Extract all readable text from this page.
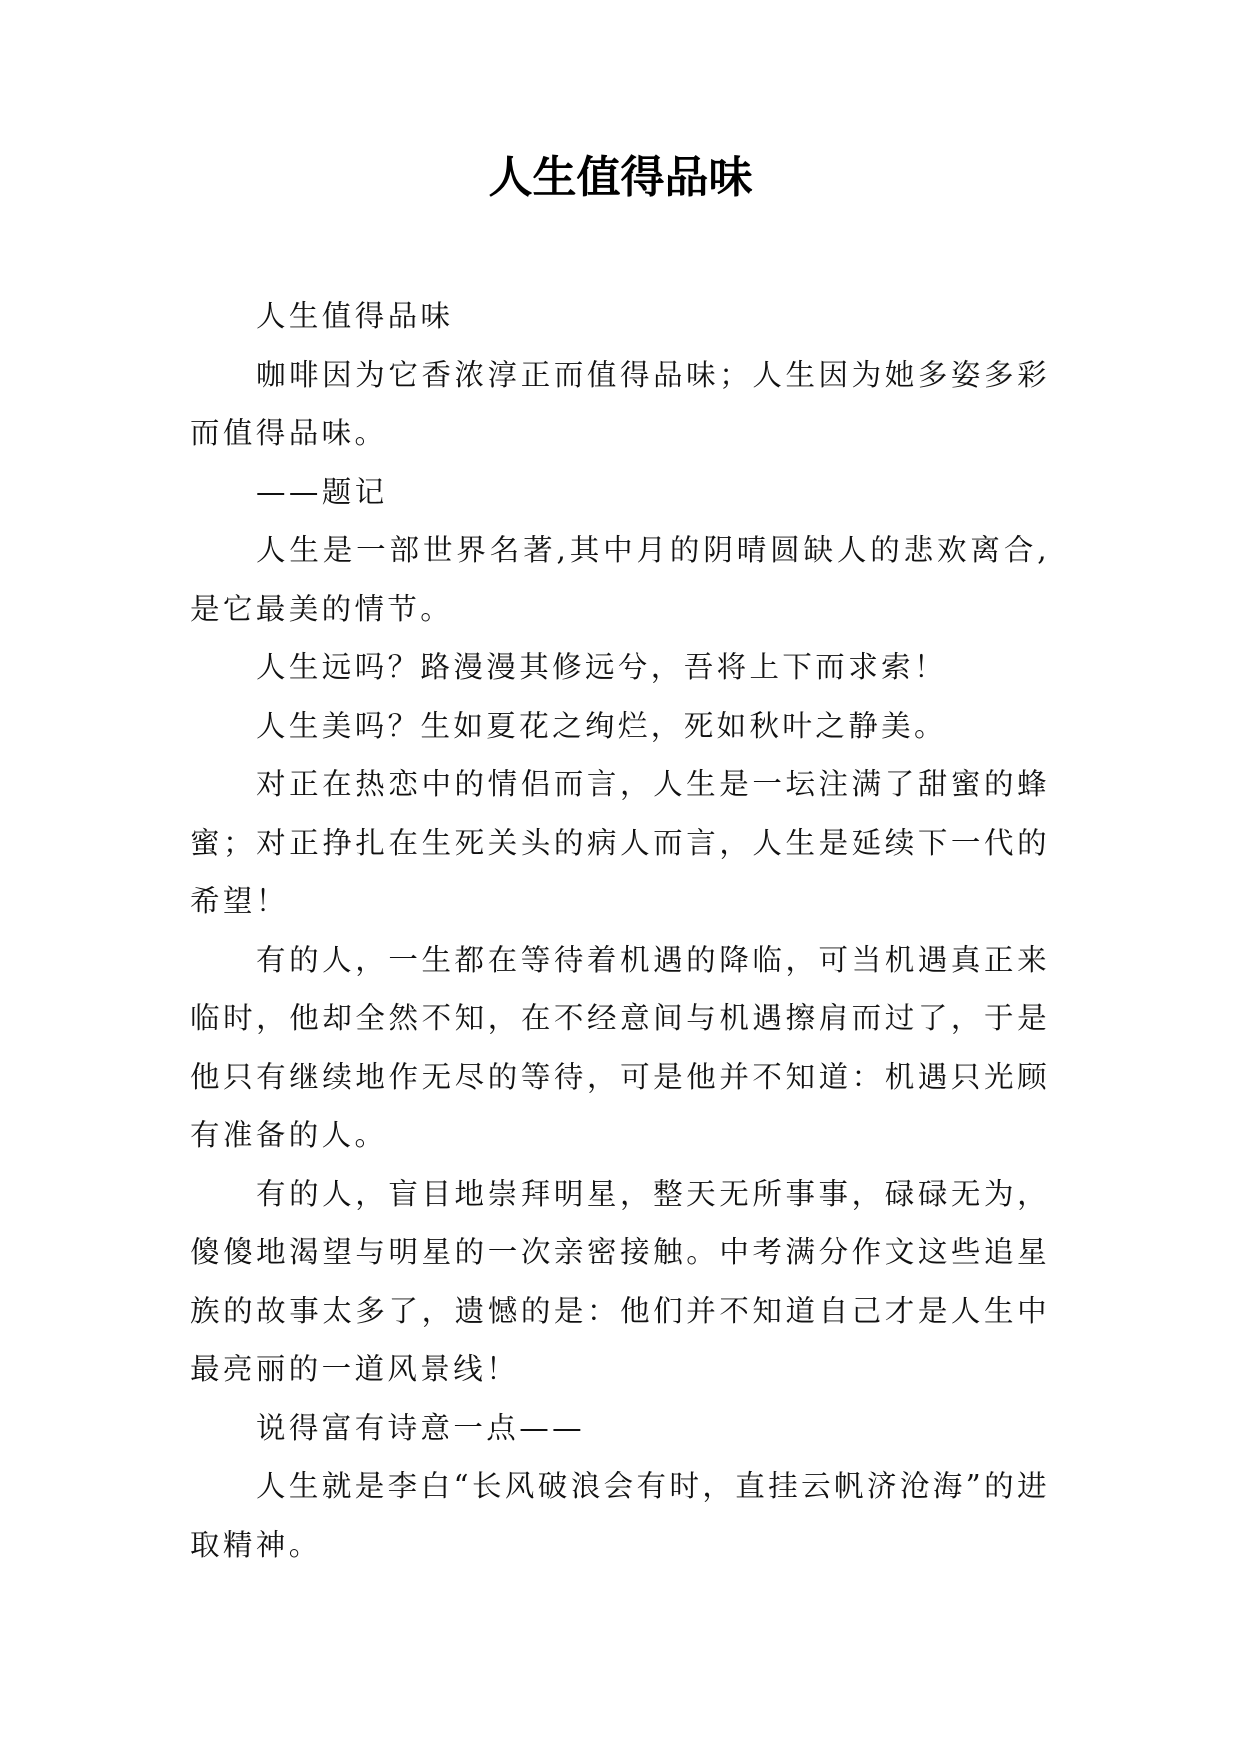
人生值得品味

人生值得品味

咖啡因为它香浓淳正而值得品味；人生因为她多姿多彩而值得品味。

——题记

人生是一部世界名著,其中月的阴晴圆缺人的悲欢离合,是它最美的情节。

人生远吗？路漫漫其修远兮，吾将上下而求索！

人生美吗？生如夏花之绚烂，死如秋叶之静美。

对正在热恋中的情侣而言，人生是一坛注满了甜蜜的蜂蜜；对正挣扎在生死关头的病人而言，人生是延续下一代的希望！

有的人，一生都在等待着机遇的降临，可当机遇真正来临时，他却全然不知，在不经意间与机遇擦肩而过了，于是他只有继续地作无尽的等待，可是他并不知道：机遇只光顾有准备的人。

有的人，盲目地崇拜明星，整天无所事事，碌碌无为，傻傻地渴望与明星的一次亲密接触。中考满分作文这些追星族的故事太多了，遗憾的是：他们并不知道自己才是人生中最亮丽的一道风景线！

说得富有诗意一点——

人生就是李白“长风破浪会有时，直挂云帆济沧海”的进取精神。
